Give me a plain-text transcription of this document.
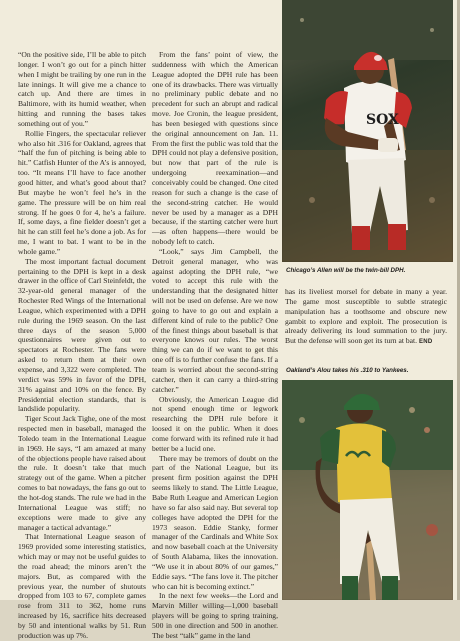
“On the positive side, I’ll be able to pitch longer. I won’t go out for a pinch hitter when I might be trailing by one run in the late innings. It will give me a chance to catch up. And there are times in Baltimore, with its humid weather, when hitting and running the bases takes something out of you.”

Rollie Fingers, the spectacular reliever who also hit .316 for Oakland, agrees that “half the fun of pitching is being able to hit.” Catfish Hunter of the A’s is annoyed, too. “It means I’ll have to face another good hitter, and what’s good about that? But maybe he won’t feel he’s in the game. The pressure will be on him real strong. If he goes 0 for 4, he’s a failure. If, some days, a fine fielder doesn’t get a hit he can still feel he’s done a job. As for me, I want to bat. I want to be in the whole game.”

The most important factual document pertaining to the DPH is kept in a desk drawer in the office of Carl Steinfeldt, the 32-year-old general manager of the Rochester Red Wings of the International League, which experimented with a DPH rule during the 1969 season. On the last three days of the season 5,000 questionnaires were given out to spectators at Rochester. The fans were asked to return them at their own expense, and 3,322 were completed. The verdict was 59% in favor of the DPH, 31% against and 10% on the fence. By Presidential election standards, that is landslide popularity.

Tiger Scout Jack Tighe, one of the most respected men in baseball, managed the Toledo team in the International League in 1969. He says, “I am amazed at many of the objections people have raised about the rule. It doesn’t take that much strategy out of the game. When a pitcher comes to bat nowadays, the fans go out to the hot-dog stands. The rule we had in the International League was stiff; no exceptions were made to give any manager a tactical advantage.”

That International League season of 1969 provided some interesting statistics, which may or may not be useful guides to the road ahead; the minors aren’t the majors. But, as compared with the previous year, the number of shutouts dropped from 103 to 67, complete games rose from 311 to 362, home runs increased by 16, sacrifice hits decreased by 50 and intentional walks by 51. Run production was up 7%.

From the fans’ point of view, the suddenness with which the American League adopted the DPH rule has been one of its drawbacks. There was virtually no preliminary public debate and no precedent for such an abrupt and radical move. Joe Cronin, the league president, has been besieged with questions since the original announcement on Jan. 11. From the first the public was told that the DPH could not play a defensive position, but now that part of the rule is undergoing reexamination—and conceivably could be changed. One cited reason for such a change is the case of the second-string catcher. He would never be used by a manager as a DPH because, if the starting catcher were hurt—as often happens—there would be nobody left to catch.

“Look,” says Jim Campbell, the Detroit general manager, who was against adopting the DPH rule, “we voted to accept this rule with the understanding that the designated hitter will not be used on defense. Are we now going to have to go out and explain a different kind of rule to the public? One of the finest things about baseball is that everyone knows our rules. The worst thing we can do if we want to get this one off is to further confuse the fans. If a team is worried about the second-string catcher, then it can carry a third-string catcher.”

Obviously, the American League did not spend enough time or legwork researching the DPH rule before it loosed it on the public. When it does come forward with its refined rule it had better be a lucid one.

There may be tremors of doubt on the part of the National League, but its present firm position against the DPH seems likely to stand. The Little League, Babe Ruth League and American Legion have so far also said nay. But several top colleges have adopted the DPH for the 1973 season. Eddie Stanky, former manager of the Cardinals and White Sox and now baseball coach at the University of South Alabama, likes the innovation. “We use it in about 80% of our games,” Eddie says. “The fans love it. The pitcher who can hit is becoming extinct.”

In the next few weeks—the Lord and Marvin Miller willing—1,000 baseball players will be going to spring training, 500 in one direction and 500 in another. The best “talk” game in the land

SOX
Chicago’s Allen will be the twin-bill DPH.

has its liveliest morsel for debate in many a year. The game most susceptible to subtle strategic manipulation has a toothsome and obscure new gambit to explore and exploit. The prosecution is already delivering its loud summation to the jury. But the defense will soon get its turn at bat. END

Oakland’s Alou takes his .310 to Yankees.
